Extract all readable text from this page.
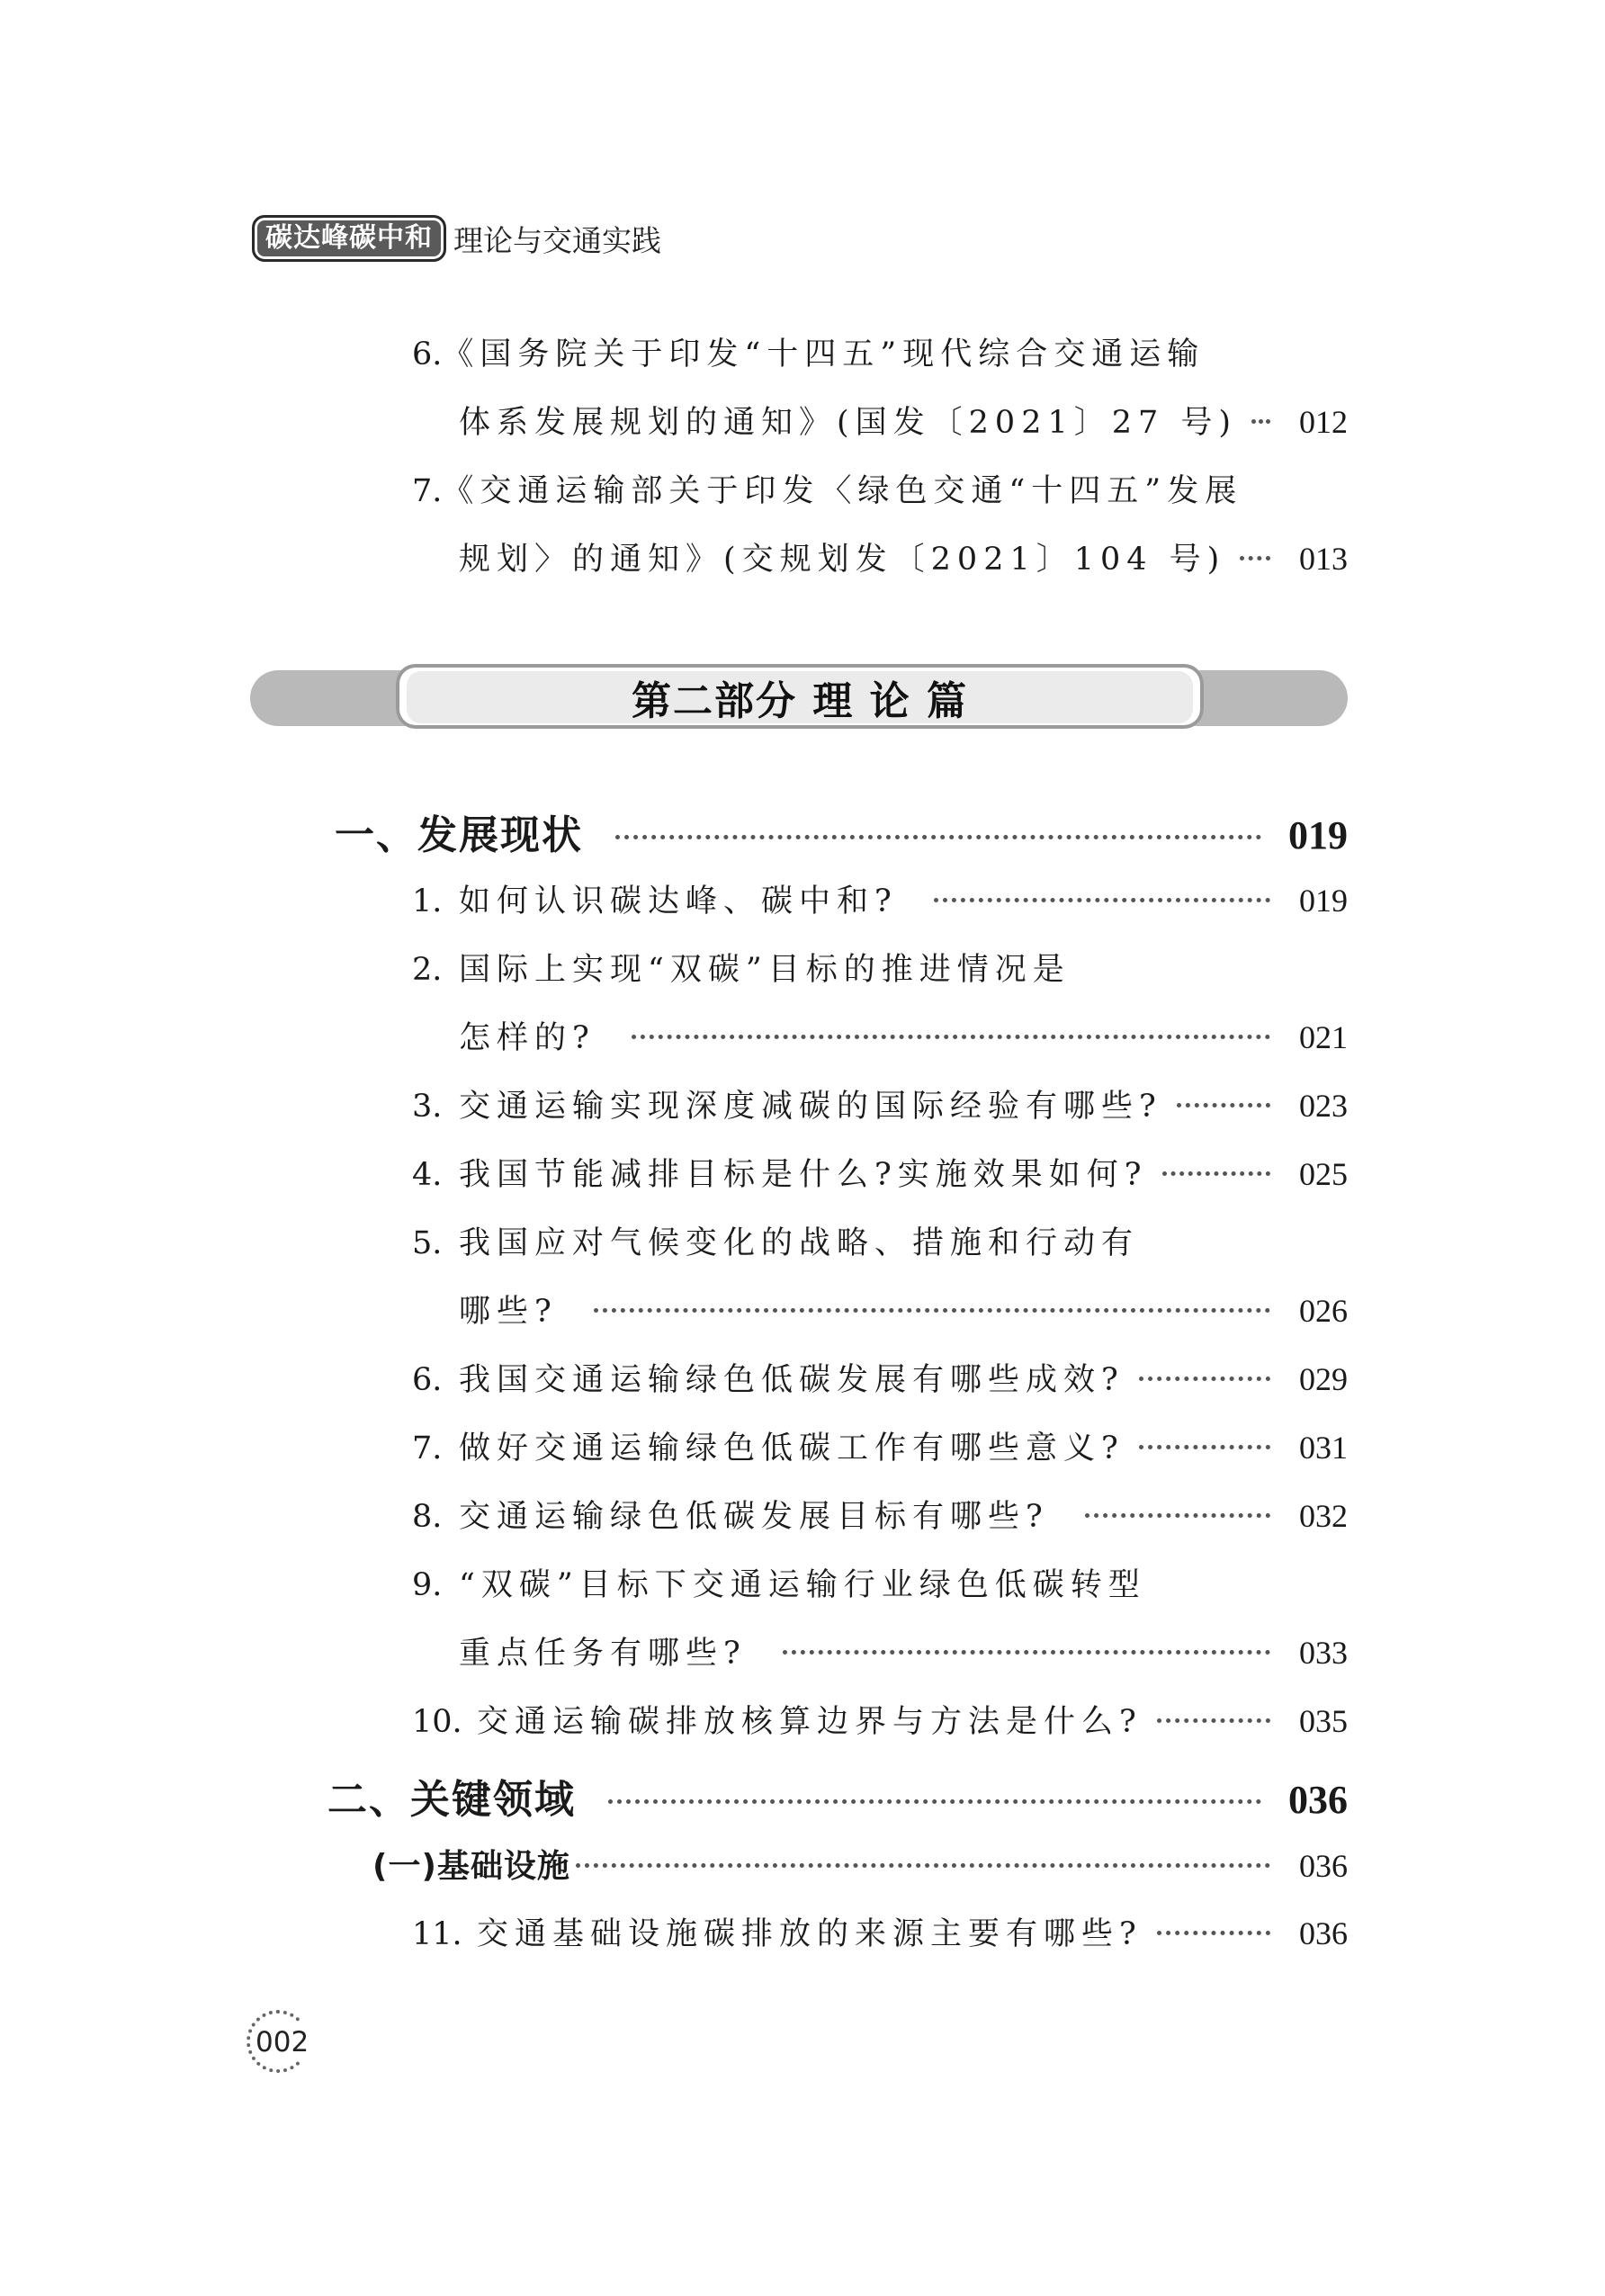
碳达峰碳中和 理论与交通实践
6. 《国务院关于印发“十四五”现代综合交通运输
体系发展规划的通知》(国发〔2021〕27 号)	012
7. 《交通运输部关于印发〈绿色交通“十四五”发展
规划〉的通知》(交规划发〔2021〕104 号)	013
第二部分 理 论 篇
一、发展现状	019
1. 如何认识碳达峰、碳中和?	019
2. 国际上实现“双碳”目标的推进情况是
怎样的?	021
3. 交通运输实现深度减碳的国际经验有哪些?	023
4. 我国节能减排目标是什么?实施效果如何?	025
5. 我国应对气候变化的战略、措施和行动有
哪些?	026
6. 我国交通运输绿色低碳发展有哪些成效?	029
7. 做好交通运输绿色低碳工作有哪些意义?	031
8. 交通运输绿色低碳发展目标有哪些?	032
9. “双碳”目标下交通运输行业绿色低碳转型
重点任务有哪些?	033
10. 交通运输碳排放核算边界与方法是什么?	035
二、关键领域	036
(一)基础设施	036
11. 交通基础设施碳排放的来源主要有哪些?	036
002
